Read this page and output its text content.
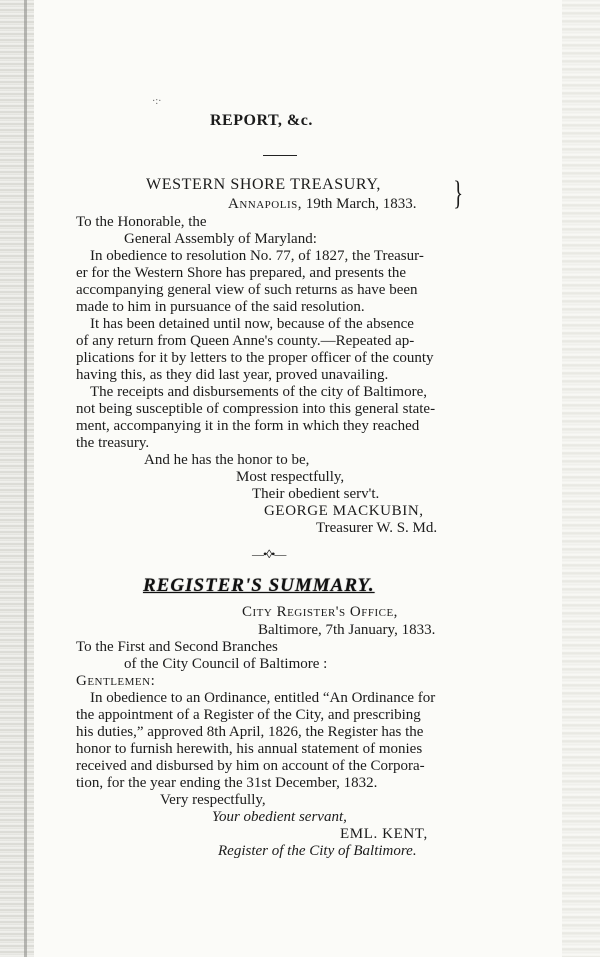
·:·
REPORT, &c.
WESTERN SHORE TREASURY,
Annapolis, 19th March, 1833. }
To the Honorable, the
General Assembly of Maryland:
In obedience to resolution No. 77, of 1827, the Treasur-
er for the Western Shore has prepared, and presents the
accompanying general view of such returns as have been
made to him in pursuance of the said resolution.
It has been detained until now, because of the absence
of any return from Queen Anne's county.—Repeated ap-
plications for it by letters to the proper officer of the county
having this, as they did last year, proved unavailing.
The receipts and disbursements of the city of Baltimore,
not being susceptible of compression into this general state-
ment, accompanying it in the form in which they reached
the treasury.
And he has the honor to be,
Most respectfully,
Their obedient serv't.
GEORGE MACKUBIN,
Treasurer W. S. Md.
—•◊•—
REGISTER'S SUMMARY.
City Register's Office,
Baltimore, 7th January, 1833.
To the First and Second Branches
of the City Council of Baltimore :
Gentlemen:
In obedience to an Ordinance, entitled “An Ordinance for
the appointment of a Register of the City, and prescribing
his duties,” approved 8th April, 1826, the Register has the
honor to furnish herewith, his annual statement of monies
received and disbursed by him on account of the Corpora-
tion, for the year ending the 31st December, 1832.
Very respectfully,
Your obedient servant,
EML. KENT,
Register of the City of Baltimore.
